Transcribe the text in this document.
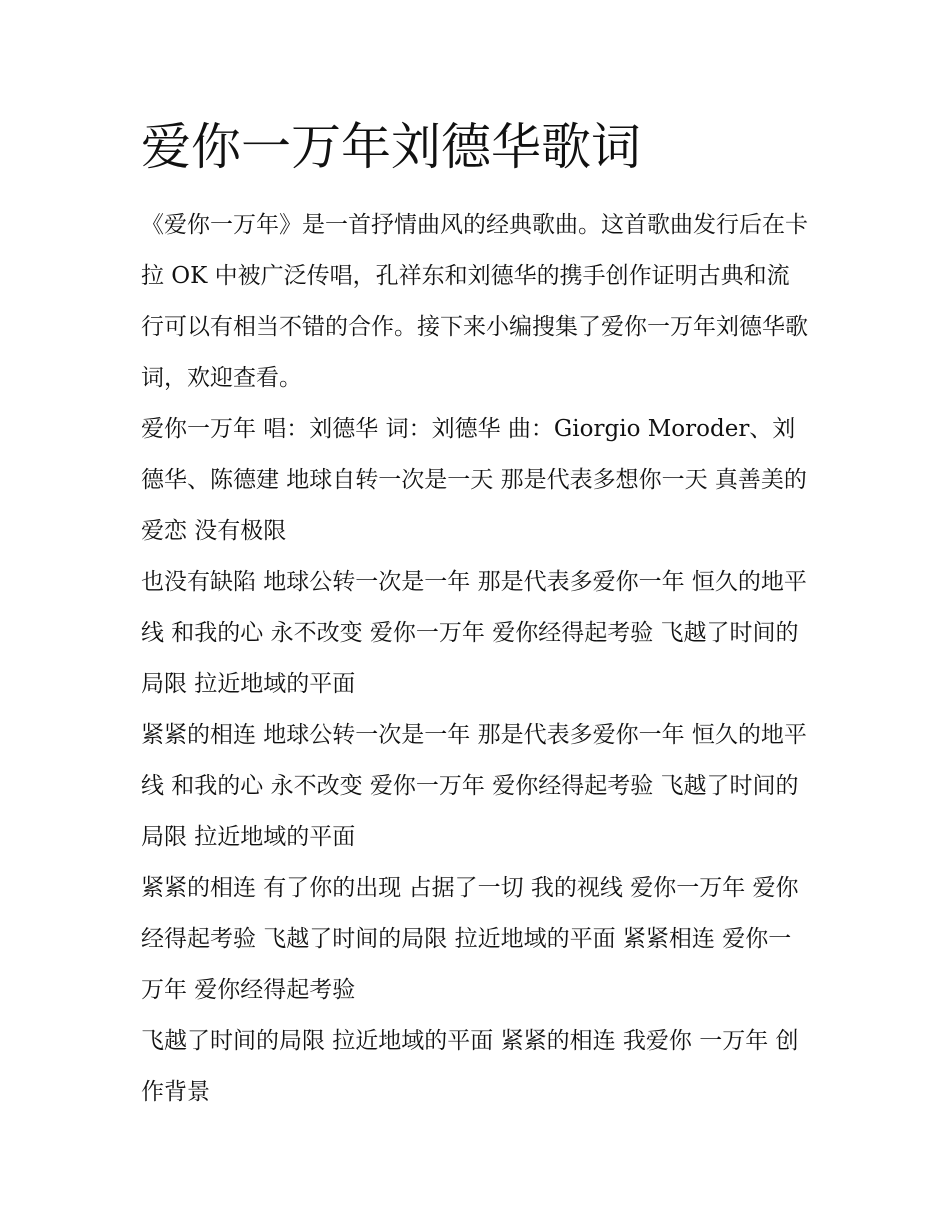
爱你一万年刘德华歌词

《爱你一万年》是一首抒情曲风的经典歌曲。这首歌曲发行后在卡拉 OK 中被广泛传唱，孔祥东和刘德华的携手创作证明古典和流行可以有相当不错的合作。接下来小编搜集了爱你一万年刘德华歌词，欢迎查看。

爱你一万年 唱：刘德华 词：刘德华 曲：Giorgio Moroder、刘德华、陈德建 地球自转一次是一天 那是代表多想你一天 真善美的爱恋 没有极限

也没有缺陷 地球公转一次是一年 那是代表多爱你一年 恒久的地平线 和我的心 永不改变 爱你一万年 爱你经得起考验 飞越了时间的局限 拉近地域的平面

紧紧的相连 地球公转一次是一年 那是代表多爱你一年 恒久的地平线 和我的心 永不改变 爱你一万年 爱你经得起考验 飞越了时间的局限 拉近地域的平面

紧紧的相连 有了你的出现 占据了一切 我的视线 爱你一万年 爱你经得起考验 飞越了时间的局限 拉近地域的平面 紧紧相连 爱你一万年 爱你经得起考验

飞越了时间的局限 拉近地域的平面 紧紧的相连 我爱你 一万年 创作背景
